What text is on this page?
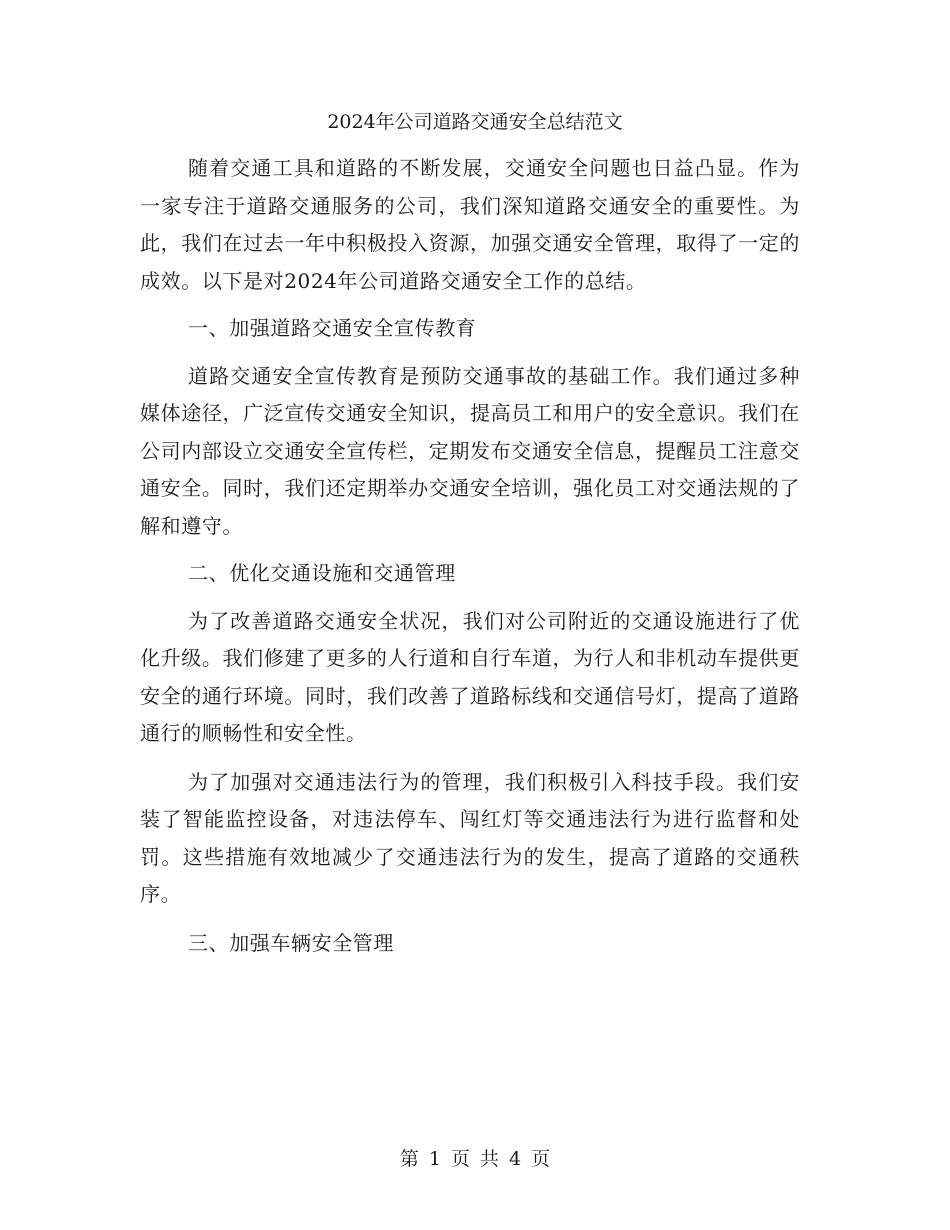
2024年公司道路交通安全总结范文

随着交通工具和道路的不断发展，交通安全问题也日益凸显。作为一家专注于道路交通服务的公司，我们深知道路交通安全的重要性。为此，我们在过去一年中积极投入资源，加强交通安全管理，取得了一定的成效。以下是对2024年公司道路交通安全工作的总结。

一、加强道路交通安全宣传教育

道路交通安全宣传教育是预防交通事故的基础工作。我们通过多种媒体途径，广泛宣传交通安全知识，提高员工和用户的安全意识。我们在公司内部设立交通安全宣传栏，定期发布交通安全信息，提醒员工注意交通安全。同时，我们还定期举办交通安全培训，强化员工对交通法规的了解和遵守。

二、优化交通设施和交通管理

为了改善道路交通安全状况，我们对公司附近的交通设施进行了优化升级。我们修建了更多的人行道和自行车道，为行人和非机动车提供更安全的通行环境。同时，我们改善了道路标线和交通信号灯，提高了道路通行的顺畅性和安全性。

为了加强对交通违法行为的管理，我们积极引入科技手段。我们安装了智能监控设备，对违法停车、闯红灯等交通违法行为进行监督和处罚。这些措施有效地减少了交通违法行为的发生，提高了道路的交通秩序。

三、加强车辆安全管理

第 1 页 共 4 页
